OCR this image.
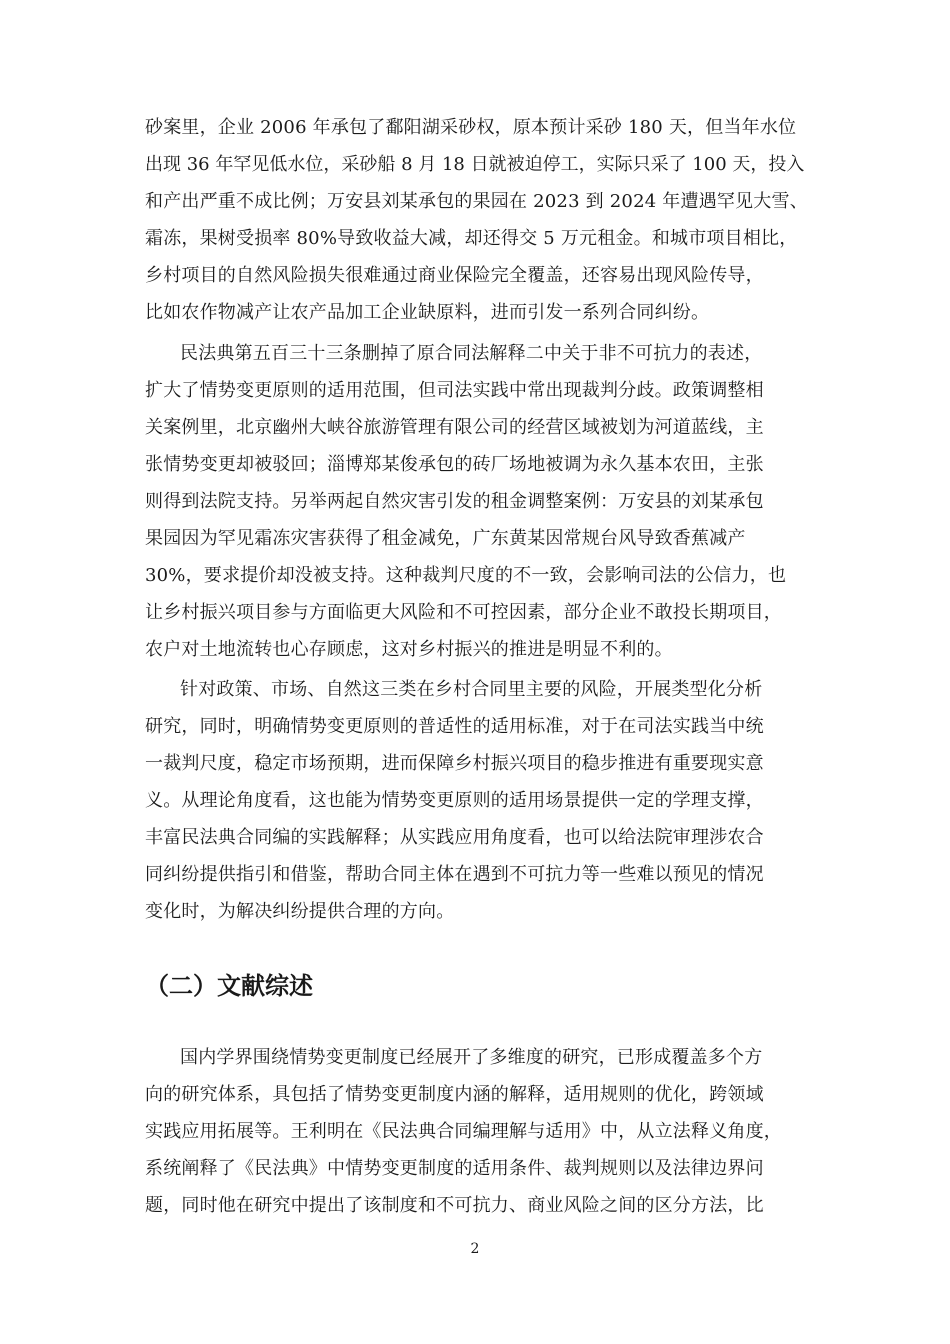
砂案里，企业 2006 年承包了鄱阳湖采砂权，原本预计采砂 180 天，但当年水位
出现 36 年罕见低水位，采砂船 8 月 18 日就被迫停工，实际只采了 100 天，投入
和产出严重不成比例；万安县刘某承包的果园在 2023 到 2024 年遭遇罕见大雪、
霜冻，果树受损率 80%导致收益大减，却还得交 5 万元租金。和城市项目相比，
乡村项目的自然风险损失很难通过商业保险完全覆盖，还容易出现风险传导，
比如农作物减产让农产品加工企业缺原料，进而引发一系列合同纠纷。
民法典第五百三十三条删掉了原合同法解释二中关于非不可抗力的表述，
扩大了情势变更原则的适用范围，但司法实践中常出现裁判分歧。政策调整相
关案例里，北京幽州大峡谷旅游管理有限公司的经营区域被划为河道蓝线，主
张情势变更却被驳回；淄博郑某俊承包的砖厂场地被调为永久基本农田，主张
则得到法院支持。另举两起自然灾害引发的租金调整案例：万安县的刘某承包
果园因为罕见霜冻灾害获得了租金减免，广东黄某因常规台风导致香蕉减产
30%，要求提价却没被支持。这种裁判尺度的不一致，会影响司法的公信力，也
让乡村振兴项目参与方面临更大风险和不可控因素，部分企业不敢投长期项目，
农户对土地流转也心存顾虑，这对乡村振兴的推进是明显不利的。
针对政策、市场、自然这三类在乡村合同里主要的风险，开展类型化分析
研究，同时，明确情势变更原则的普适性的适用标准，对于在司法实践当中统
一裁判尺度，稳定市场预期，进而保障乡村振兴项目的稳步推进有重要现实意
义。从理论角度看，这也能为情势变更原则的适用场景提供一定的学理支撑，
丰富民法典合同编的实践解释；从实践应用角度看，也可以给法院审理涉农合
同纠纷提供指引和借鉴，帮助合同主体在遇到不可抗力等一些难以预见的情况
变化时，为解决纠纷提供合理的方向。
（二）文献综述
国内学界围绕情势变更制度已经展开了多维度的研究，已形成覆盖多个方
向的研究体系，具包括了情势变更制度内涵的解释，适用规则的优化，跨领域
实践应用拓展等。王利明在《民法典合同编理解与适用》中，从立法释义角度，
系统阐释了《民法典》中情势变更制度的适用条件、裁判规则以及法律边界问
题，同时他在研究中提出了该制度和不可抗力、商业风险之间的区分方法，比
2
